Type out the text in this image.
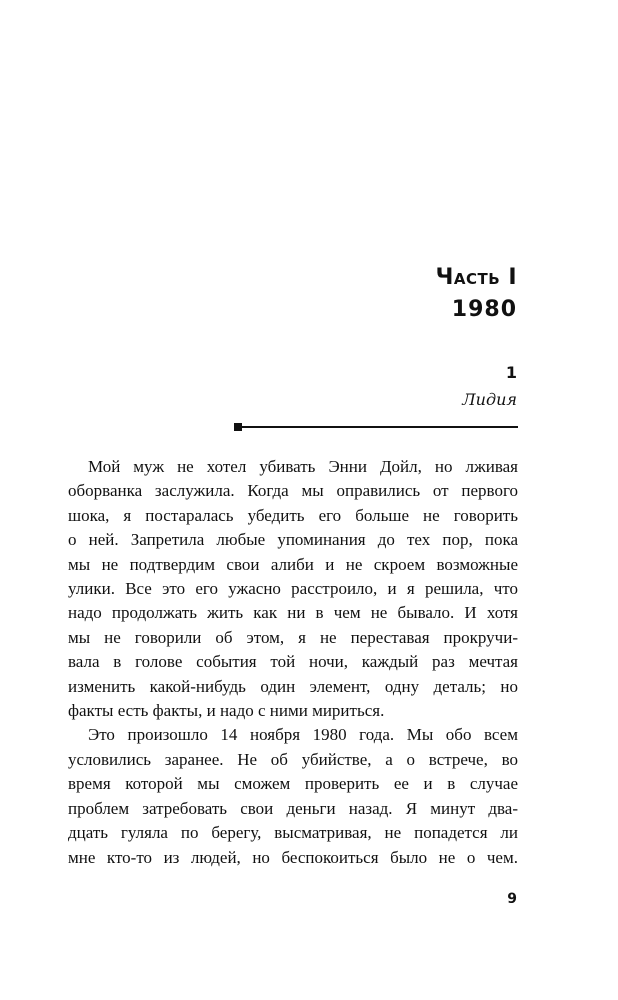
Часть I
1980
1
Лидия
Мой муж не хотел убивать Энни Дойл, но лживая
оборванка заслужила. Когда мы оправились от первого
шока, я постаралась убедить его больше не говорить
о ней. Запретила любые упоминания до тех пор, пока
мы не подтвердим свои алиби и не скроем возможные
улики. Все это его ужасно расстроило, и я решила, что
надо продолжать жить как ни в чем не бывало. И хотя
мы не говорили об этом, я не переставая прокручи-
вала в голове события той ночи, каждый раз мечтая
изменить какой-нибудь один элемент, одну деталь; но
факты есть факты, и надо с ними мириться.
Это произошло 14 ноября 1980 года. Мы обо всем
условились заранее. Не об убийстве, а о встрече, во
время которой мы сможем проверить ее и в случае
проблем затребовать свои деньги назад. Я минут два-
дцать гуляла по берегу, высматривая, не попадется ли
мне кто-то из людей, но беспокоиться было не о чем.
9
